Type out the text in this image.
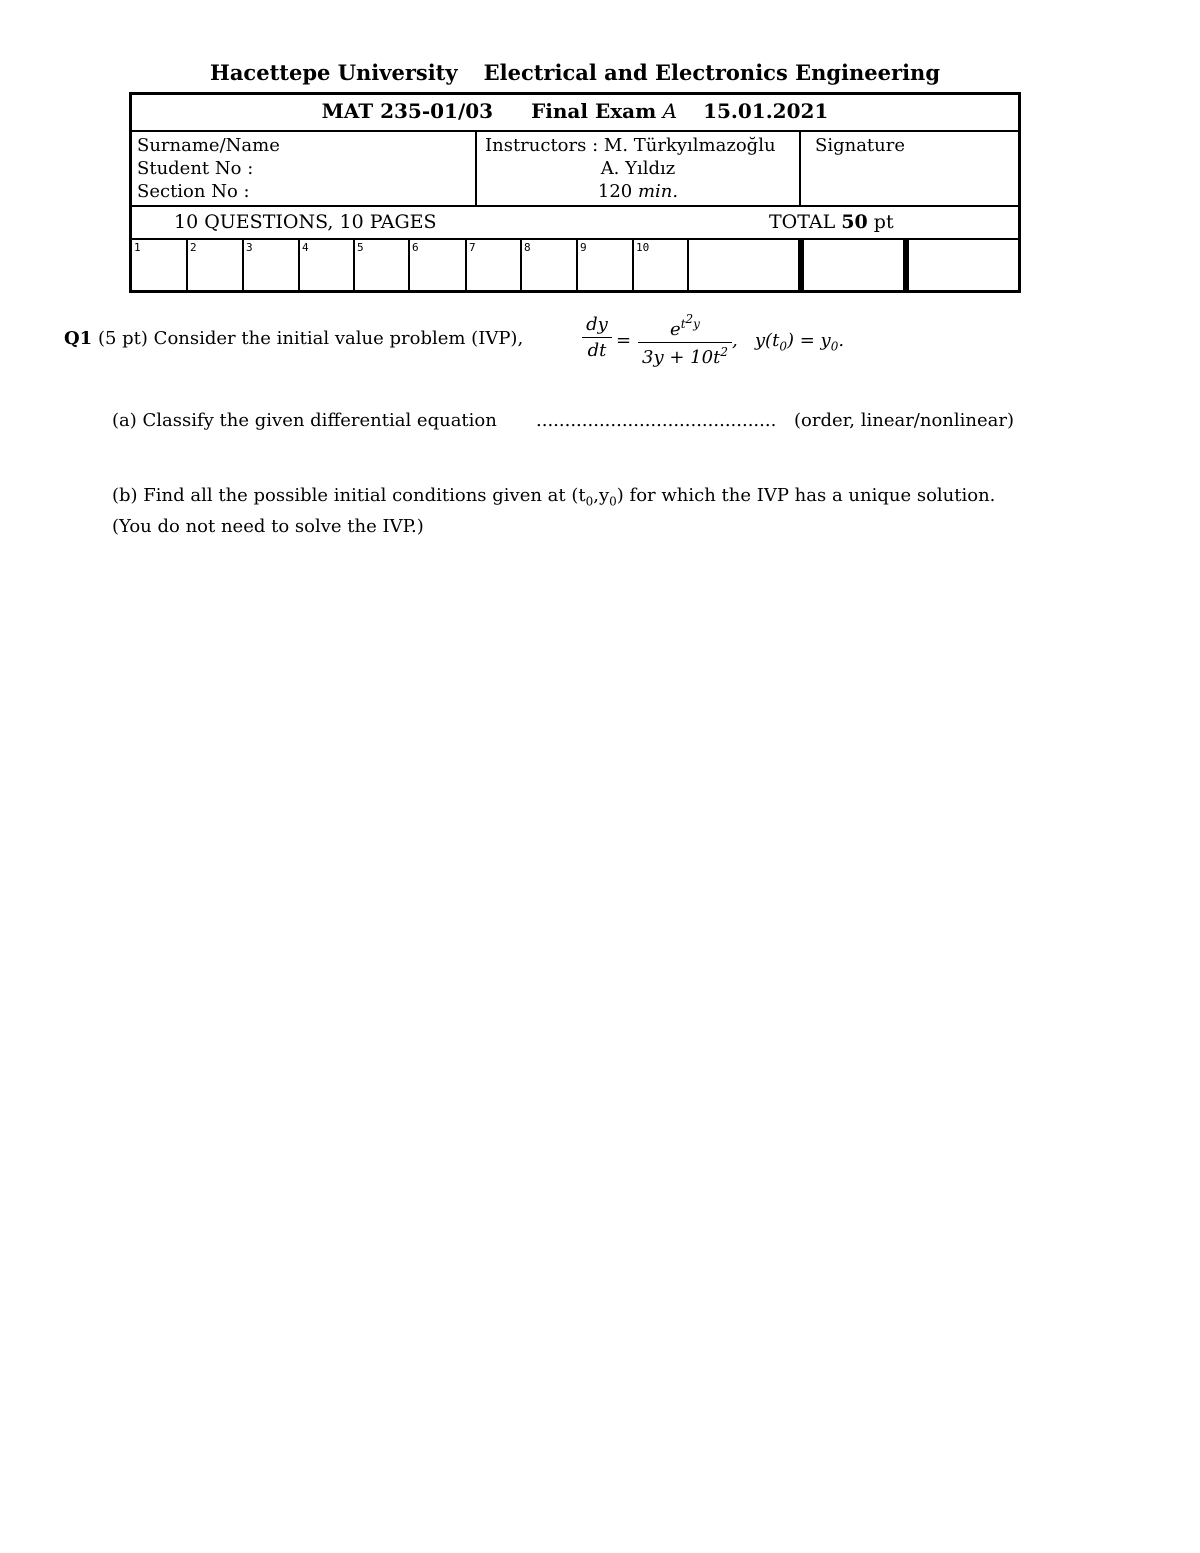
Hacettepe University Electrical and Electronics Engineering
MAT 235-01/03 Final Exam A 15.01.2021
Surname/Name
Student No :
Section No :
Instructors : M. Türkyılmazoğlu
A. Yıldız
120 min.
Signature
10 QUESTIONS, 10 PAGES	TOTAL 50 pt
1	2	3	4	5	6	7	8	9	10
Q1 (5 pt) Consider the initial value problem (IVP),	$\frac{dy}{dt} = \frac{e^{t^2y}}{3y + 10t^2}$ ,   $y(t_0) = y_0$.
(a) Classify the given differential equation .......................................... (order, linear/nonlinear)
(b) Find all the possible initial conditions given at $(t_0,y_0)$ for which the IVP has a unique solution.
(You do not need to solve the IVP.)
